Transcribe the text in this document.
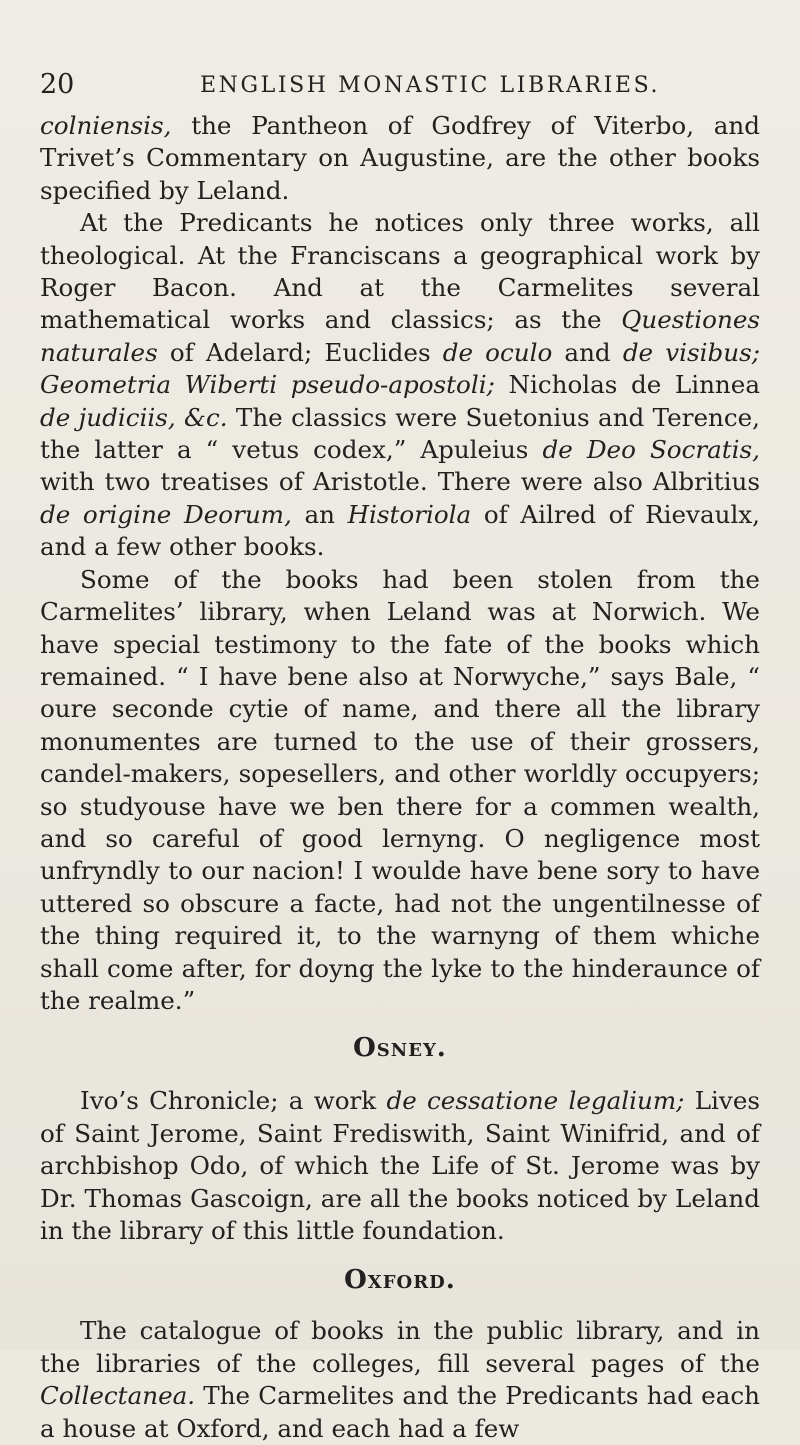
20	ENGLISH MONASTIC LIBRARIES.

colniensis, the Pantheon of Godfrey of Viterbo, and Trivet’s Commentary on Augustine, are the other books specified by Leland.

At the Predicants he notices only three works, all theological. At the Franciscans a geographical work by Roger Bacon. And at the Carmelites several mathematical works and classics; as the Questiones naturales of Adelard; Euclides de oculo and de visibus; Geometria Wiberti pseudo-apostoli; Nicholas de Linnea de judiciis, &c. The classics were Suetonius and Terence, the latter a “ vetus codex,” Apuleius de Deo Socratis, with two treatises of Aristotle. There were also Albritius de origine Deorum, an Historiola of Ailred of Rievaulx, and a few other books.

Some of the books had been stolen from the Carmelites’ library, when Leland was at Norwich. We have special testimony to the fate of the books which remained. “ I have bene also at Norwyche,” says Bale, “ oure seconde cytie of name, and there all the library monumentes are turned to the use of their grossers, candel-makers, sopesellers, and other worldly occupyers; so studyouse have we ben there for a commen wealth, and so careful of good lernyng. O negligence most unfryndly to our nacion! I woulde have bene sory to have uttered so obscure a facte, had not the ungentilnesse of the thing required it, to the warnyng of them whiche shall come after, for doyng the lyke to the hinderaunce of the realme.”

Osney.

Ivo’s Chronicle; a work de cessatione legalium; Lives of Saint Jerome, Saint Frediswith, Saint Winifrid, and of archbishop Odo, of which the Life of St. Jerome was by Dr. Thomas Gascoign, are all the books noticed by Leland in the library of this little foundation.

Oxford.

The catalogue of books in the public library, and in the libraries of the colleges, fill several pages of the Collectanea. The Carmelites and the Predicants had each a house at Oxford, and each had a few
